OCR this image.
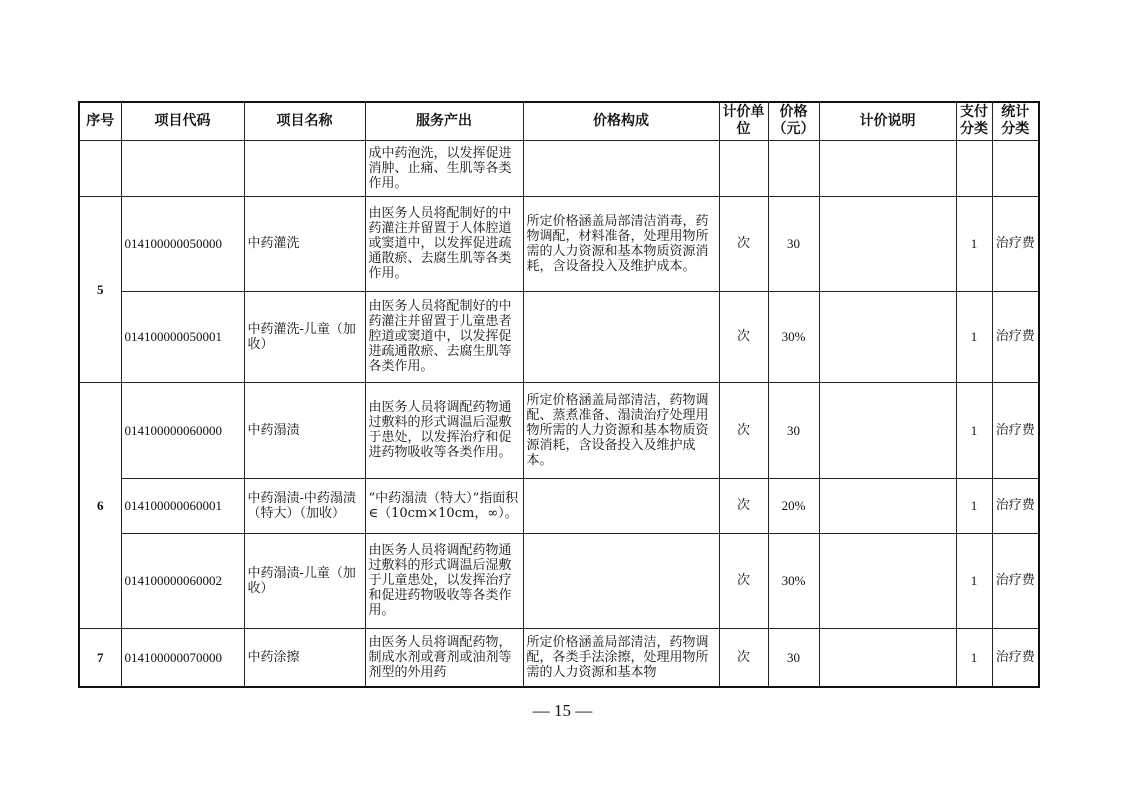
序号	项目代码	项目名称	服务产出	价格构成	计价单位	价格（元）	计价说明	支付分类	统计分类
			成中药泡洗，以发挥促进消肿、止痛、生肌等各类作用。						
5	014100000050000	中药灌洗	由医务人员将配制好的中药灌注并留置于人体腔道或窦道中，以发挥促进疏通散瘀、去腐生肌等各类作用。	所定价格涵盖局部清洁消毒，药物调配，材料准备，处理用物所需的人力资源和基本物质资源消耗，含设备投入及维护成本。	次	30		1	治疗费
	014100000050001	中药灌洗-儿童（加收）	由医务人员将配制好的中药灌注并留置于儿童患者腔道或窦道中，以发挥促进疏通散瘀、去腐生肌等各类作用。		次	30%		1	治疗费
6	014100000060000	中药溻渍	由医务人员将调配药物通过敷料的形式调温后湿敷于患处，以发挥治疗和促进药物吸收等各类作用。	所定价格涵盖局部清洁，药物调配、蒸煮准备、溻渍治疗处理用物所需的人力资源和基本物质资源消耗，含设备投入及维护成本。	次	30		1	治疗费
	014100000060001	中药溻渍-中药溻渍（特大）（加收）	“中药溻渍（特大）”指面积∈（10cm×10cm，∞）。		次	20%		1	治疗费
	014100000060002	中药溻渍-儿童（加收）	由医务人员将调配药物通过敷料的形式调温后湿敷于儿童患处，以发挥治疗和促进药物吸收等各类作用。		次	30%		1	治疗费
7	014100000070000	中药涂擦	由医务人员将调配药物，制成水剂或膏剂或油剂等剂型的外用药	所定价格涵盖局部清洁，药物调配，各类手法涂擦，处理用物所需的人力资源和基本物	次	30		1	治疗费
— 15 —
